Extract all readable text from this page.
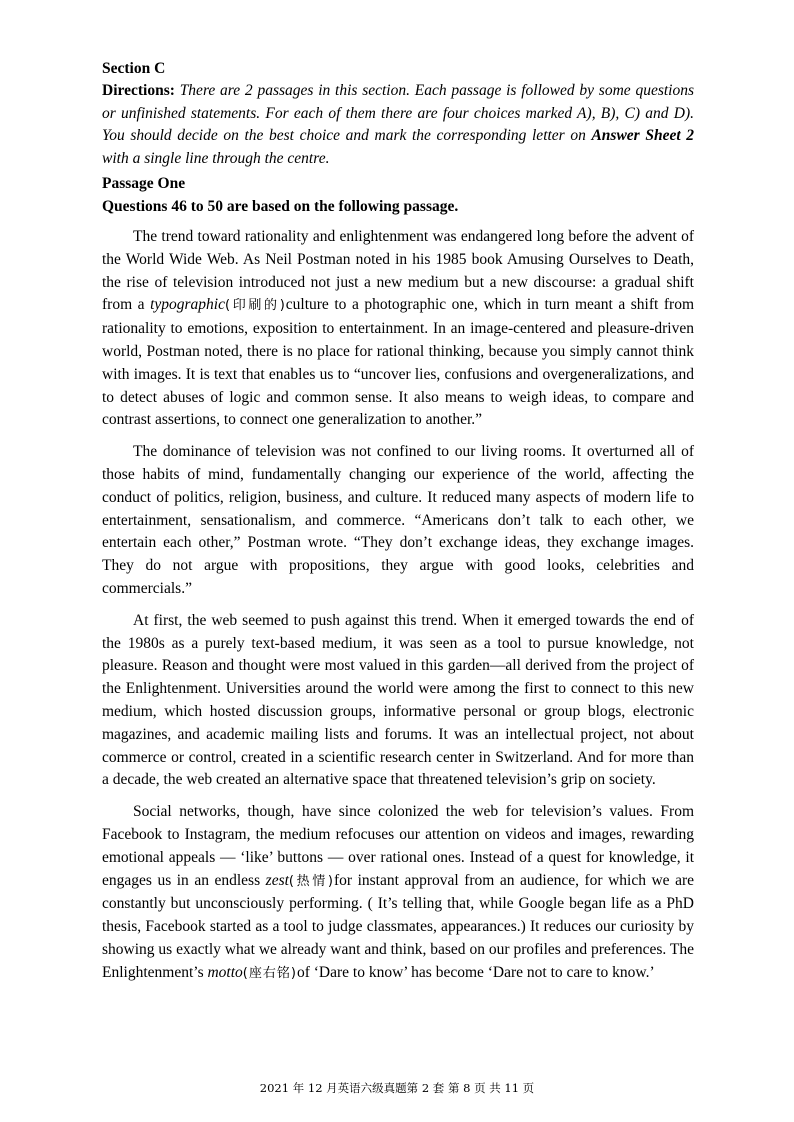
Section C

Directions: There are 2 passages in this section. Each passage is followed by some questions or unfinished statements. For each of them there are four choices marked A), B), C) and D). You should decide on the best choice and mark the corresponding letter on Answer Sheet 2 with a single line through the centre.

Passage One

Questions 46 to 50 are based on the following passage.

The trend toward rationality and enlightenment was endangered long before the advent of the World Wide Web. As Neil Postman noted in his 1985 book Amusing Ourselves to Death, the rise of television introduced not just a new medium but a new discourse: a gradual shift from a typographic(印刷的)culture to a photographic one, which in turn meant a shift from rationality to emotions, exposition to entertainment. In an image-centered and pleasure-driven world, Postman noted, there is no place for rational thinking, because you simply cannot think with images. It is text that enables us to “uncover lies, confusions and overgeneralizations, and to detect abuses of logic and common sense. It also means to weigh ideas, to compare and contrast assertions, to connect one generalization to another.”

The dominance of television was not confined to our living rooms. It overturned all of those habits of mind, fundamentally changing our experience of the world, affecting the conduct of politics, religion, business, and culture. It reduced many aspects of modern life to entertainment, sensationalism, and commerce. “Americans don’t talk to each other, we entertain each other,” Postman wrote. “They don’t exchange ideas, they exchange images. They do not argue with propositions, they argue with good looks, celebrities and commercials.”

At first, the web seemed to push against this trend. When it emerged towards the end of the 1980s as a purely text-based medium, it was seen as a tool to pursue knowledge, not pleasure. Reason and thought were most valued in this garden—all derived from the project of the Enlightenment. Universities around the world were among the first to connect to this new medium, which hosted discussion groups, informative personal or group blogs, electronic magazines, and academic mailing lists and forums. It was an intellectual project, not about commerce or control, created in a scientific research center in Switzerland. And for more than a decade, the web created an alternative space that threatened television’s grip on society.

Social networks, though, have since colonized the web for television’s values. From Facebook to Instagram, the medium refocuses our attention on videos and images, rewarding emotional appeals — ‘like’ buttons — over rational ones. Instead of a quest for knowledge, it engages us in an endless zest(热情)for instant approval from an audience, for which we are constantly but unconsciously performing. ( It’s telling that, while Google began life as a PhD thesis, Facebook started as a tool to judge classmates, appearances.) It reduces our curiosity by showing us exactly what we already want and think, based on our profiles and preferences. The Enlightenment’s motto(座右铭)of ‘Dare to know’ has become ‘Dare not to care to know.’

2021 年 12 月英语六级真题第 2 套 第 8 页 共 11 页
